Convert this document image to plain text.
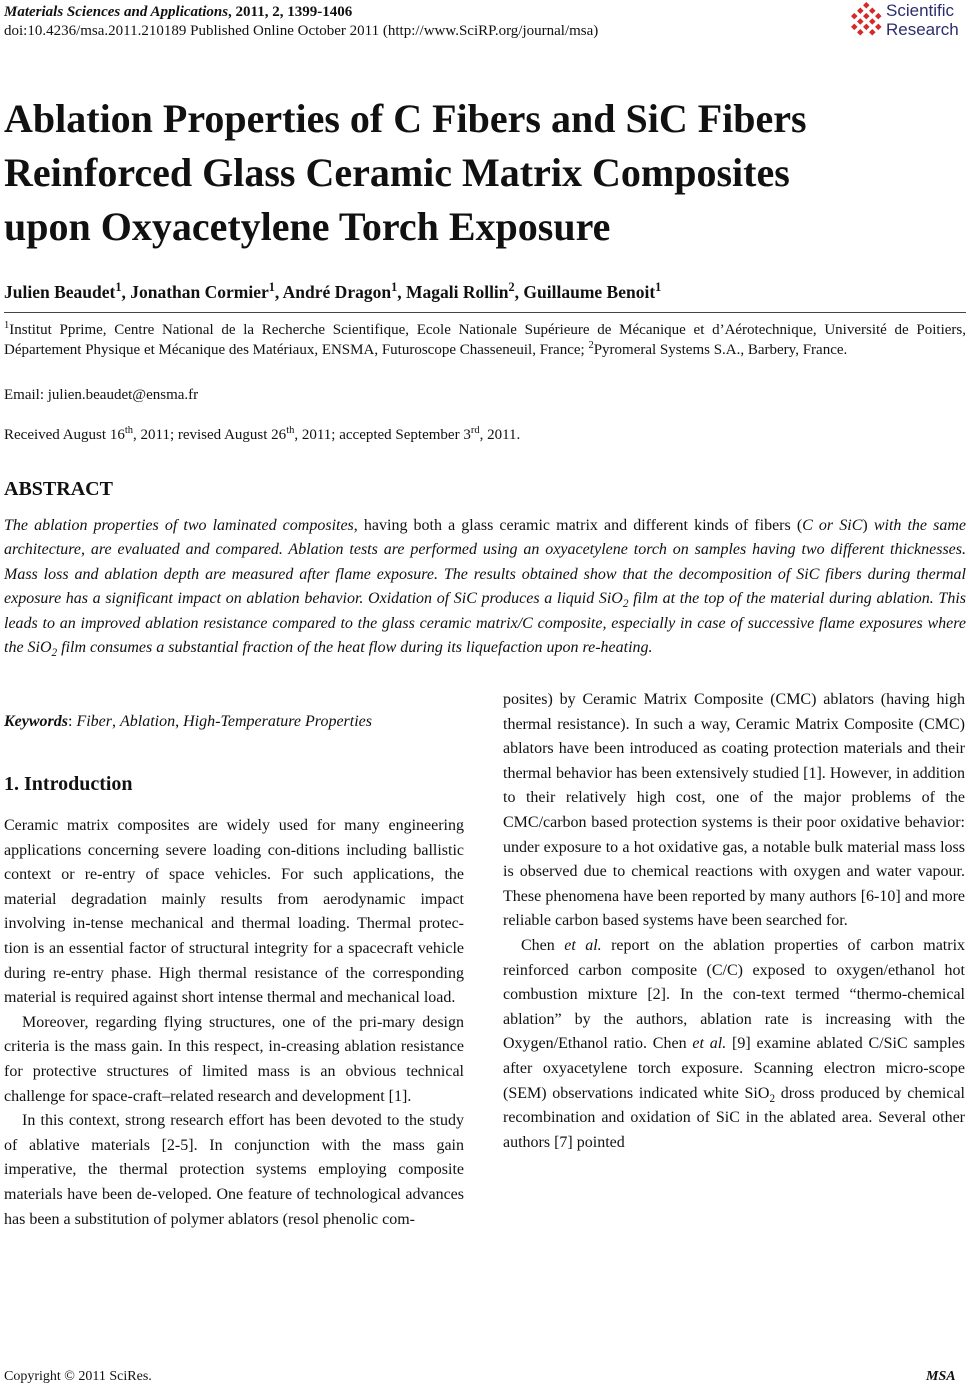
Materials Sciences and Applications, 2011, 2, 1399-1406
doi:10.4236/msa.2011.210189 Published Online October 2011 (http://www.SciRP.org/journal/msa)
Scientific
Research
Ablation Properties of C Fibers and SiC Fibers
Reinforced Glass Ceramic Matrix Composites
upon Oxyacetylene Torch Exposure
Julien Beaudet$^1$, Jonathan Cormier$^1$, André Dragon$^1$, Magali Rollin$^2$, Guillaume Benoit$^1$
$^1$Institut Pprime, Centre National de la Recherche Scientifique, Ecole Nationale Supérieure de Mécanique et d’Aérotechnique, Université de Poitiers, Département Physique et Mécanique des Matériaux, ENSMA, Futuroscope Chasseneuil, France; $^2$Pyromeral Systems S.A., Barbery, France.
Email: julien.beaudet@ensma.fr
Received August 16th, 2011; revised August 26th, 2011; accepted September 3rd, 2011.
ABSTRACT

The ablation properties of two laminated composites, having both a glass ceramic matrix and different kinds of fibers (C or SiC) with the same architecture, are evaluated and compared. Ablation tests are performed using an oxyacetylene torch on samples having two different thicknesses. Mass loss and ablation depth are measured after flame exposure. The results obtained show that the decomposition of SiC fibers during thermal exposure has a significant impact on ablation behavior. Oxidation of SiC produces a liquid SiO$_2$ film at the top of the material during ablation. This leads to an improved ablation resistance compared to the glass ceramic matrix/C composite, especially in case of successive flame exposures where the SiO$_2$ film consumes a substantial fraction of the heat flow during its liquefaction upon re-heating.

Keywords: Fiber, Ablation, High-Temperature Properties
1. Introduction

Ceramic matrix composites are widely used for many engineering applications concerning severe loading con-ditions including ballistic context or re-entry of space vehicles. For such applications, the material degradation mainly results from aerodynamic impact involving in-tense mechanical and thermal loading. Thermal protec-tion is an essential factor of structural integrity for a spacecraft vehicle during re-entry phase. High thermal resistance of the corresponding material is required against short intense thermal and mechanical load.

Moreover, regarding flying structures, one of the pri-mary design criteria is the mass gain. In this respect, in-creasing ablation resistance for protective structures of limited mass is an obvious technical challenge for space-craft–related research and development [1].

In this context, strong research effort has been devoted to the study of ablative materials [2-5]. In conjunction with the mass gain imperative, the thermal protection systems employing composite materials have been de-veloped. One feature of technological advances has been a substitution of polymer ablators (resol phenolic com-

posites) by Ceramic Matrix Composite (CMC) ablators (having high thermal resistance). In such a way, Ceramic Matrix Composite (CMC) ablators have been introduced as coating protection materials and their thermal behavior has been extensively studied [1]. However, in addition to their relatively high cost, one of the major problems of the CMC/carbon based protection systems is their poor oxidative behavior: under exposure to a hot oxidative gas, a notable bulk material mass loss is observed due to chemical reactions with oxygen and water vapour. These phenomena have been reported by many authors [6-10] and more reliable carbon based systems have been searched for.

Chen et al. report on the ablation properties of carbon matrix reinforced carbon composite (C/C) exposed to oxygen/ethanol hot combustion mixture [2]. In the con-text termed “thermo-chemical ablation” by the authors, ablation rate is increasing with the Oxygen/Ethanol ratio. Chen et al. [9] examine ablated C/SiC samples after oxyacetylene torch exposure. Scanning electron micro-scope (SEM) observations indicated white SiO$_2$ dross produced by chemical recombination and oxidation of SiC in the ablated area. Several other authors [7] pointed

Copyright © 2011 SciRes.	MSA
